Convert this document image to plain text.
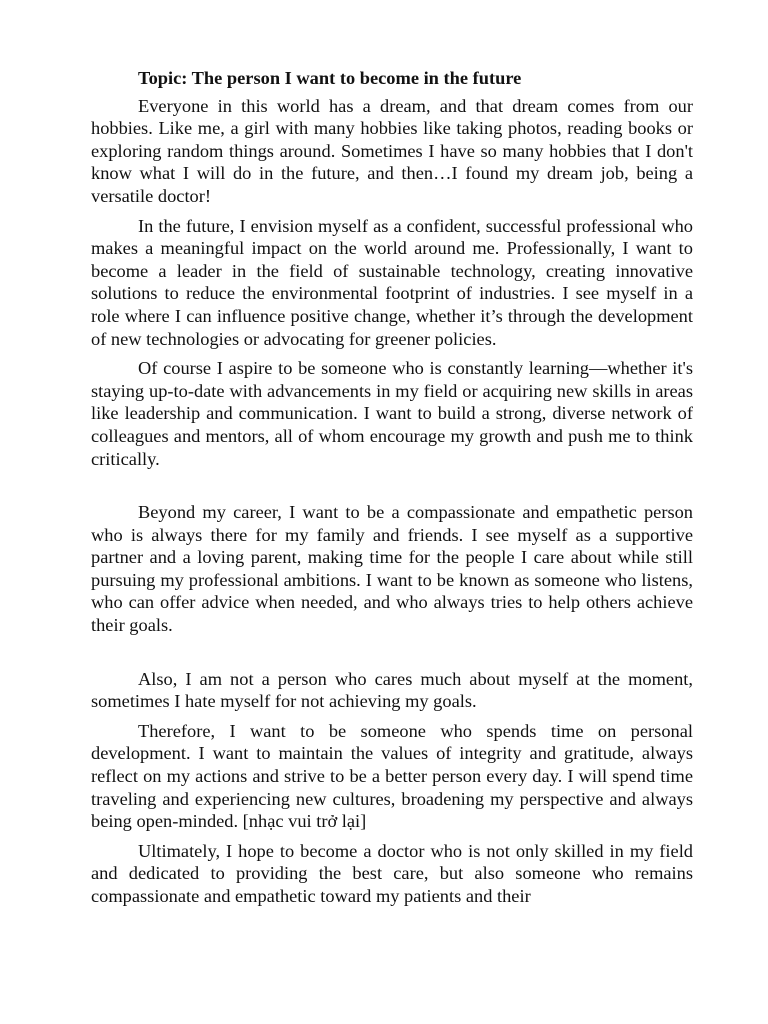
Topic: The person I want to become in the future

Everyone in this world has a dream, and that dream comes from our hobbies. Like me, a girl with many hobbies like taking photos, reading books or exploring random things around. Sometimes I have so many hobbies that I don't know what I will do in the future, and then…I found my dream job, being a versatile doctor!

In the future, I envision myself as a confident, successful professional who makes a meaningful impact on the world around me. Professionally, I want to become a leader in the field of sustainable technology, creating innovative solutions to reduce the environmental footprint of industries. I see myself in a role where I can influence positive change, whether it’s through the development of new technologies or advocating for greener policies.

Of course I aspire to be someone who is constantly learning—whether it's staying up-to-date with advancements in my field or acquiring new skills in areas like leadership and communication. I want to build a strong, diverse network of colleagues and mentors, all of whom encourage my growth and push me to think critically.

Beyond my career, I want to be a compassionate and empathetic person who is always there for my family and friends. I see myself as a supportive partner and a loving parent, making time for the people I care about while still pursuing my professional ambitions. I want to be known as someone who listens, who can offer advice when needed, and who always tries to help others achieve their goals.

Also, I am not a person who cares much about myself at the moment, sometimes I hate myself for not achieving my goals.

Therefore, I want to be someone who spends time on personal development. I want to maintain the values of integrity and gratitude, always reflect on my actions and strive to be a better person every day. I will spend time traveling and experiencing new cultures, broadening my perspective and always being open-minded. [nhạc vui trở lại]

Ultimately, I hope to become a doctor who is not only skilled in my field and dedicated to providing the best care, but also someone who remains compassionate and empathetic toward my patients and their
